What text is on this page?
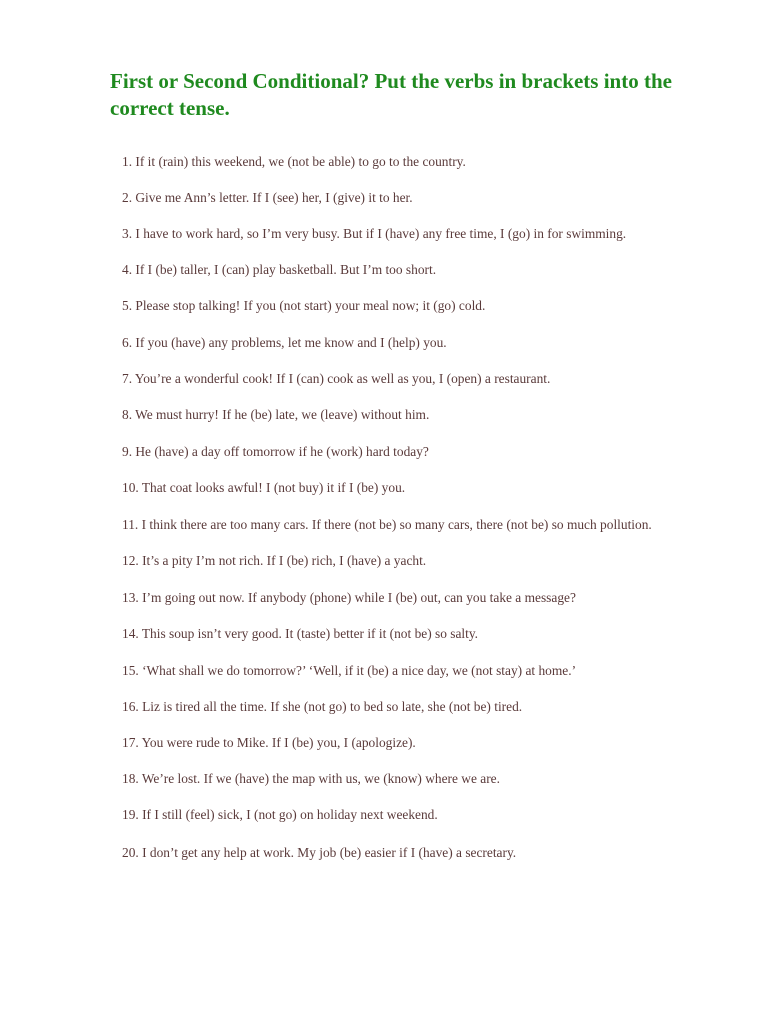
First or Second Conditional? Put the verbs in brackets into the correct tense.
1. If it (rain) this weekend, we (not be able) to go to the country.
2. Give me Ann’s letter. If I (see) her, I (give) it to her.
3. I have to work hard, so I’m very busy. But if I (have) any free time, I (go) in for swimming.
4. If I (be) taller, I (can) play basketball. But I’m too short.
5. Please stop talking! If you (not start) your meal now; it (go) cold.
6. If you (have) any problems, let me know and I (help) you.
7. You’re a wonderful cook! If I (can) cook as well as you, I (open) a restaurant.
8. We must hurry! If he (be) late, we (leave) without him.
9. He (have) a day off tomorrow if he (work) hard today?
10. That coat looks awful! I (not buy) it if I (be) you.
11. I think there are too many cars. If there (not be) so many cars, there (not be) so much pollution.
12. It’s a pity I’m not rich. If I (be) rich, I (have) a yacht.
13. I’m going out now. If anybody (phone) while I (be) out, can you take a message?
14. This soup isn’t very good. It (taste) better if it (not be) so salty.
15. ‘What shall we do tomorrow?’ ‘Well, if it (be) a nice day, we (not stay) at home.’
16. Liz is tired all the time. If she (not go) to bed so late, she (not be) tired.
17. You were rude to Mike. If I (be) you, I (apologize).
18. We’re lost. If we (have) the map with us, we (know) where we are.
19. If I still (feel) sick, I (not go) on holiday next weekend.
20. I don’t get any help at work. My job (be) easier if I (have) a secretary.
